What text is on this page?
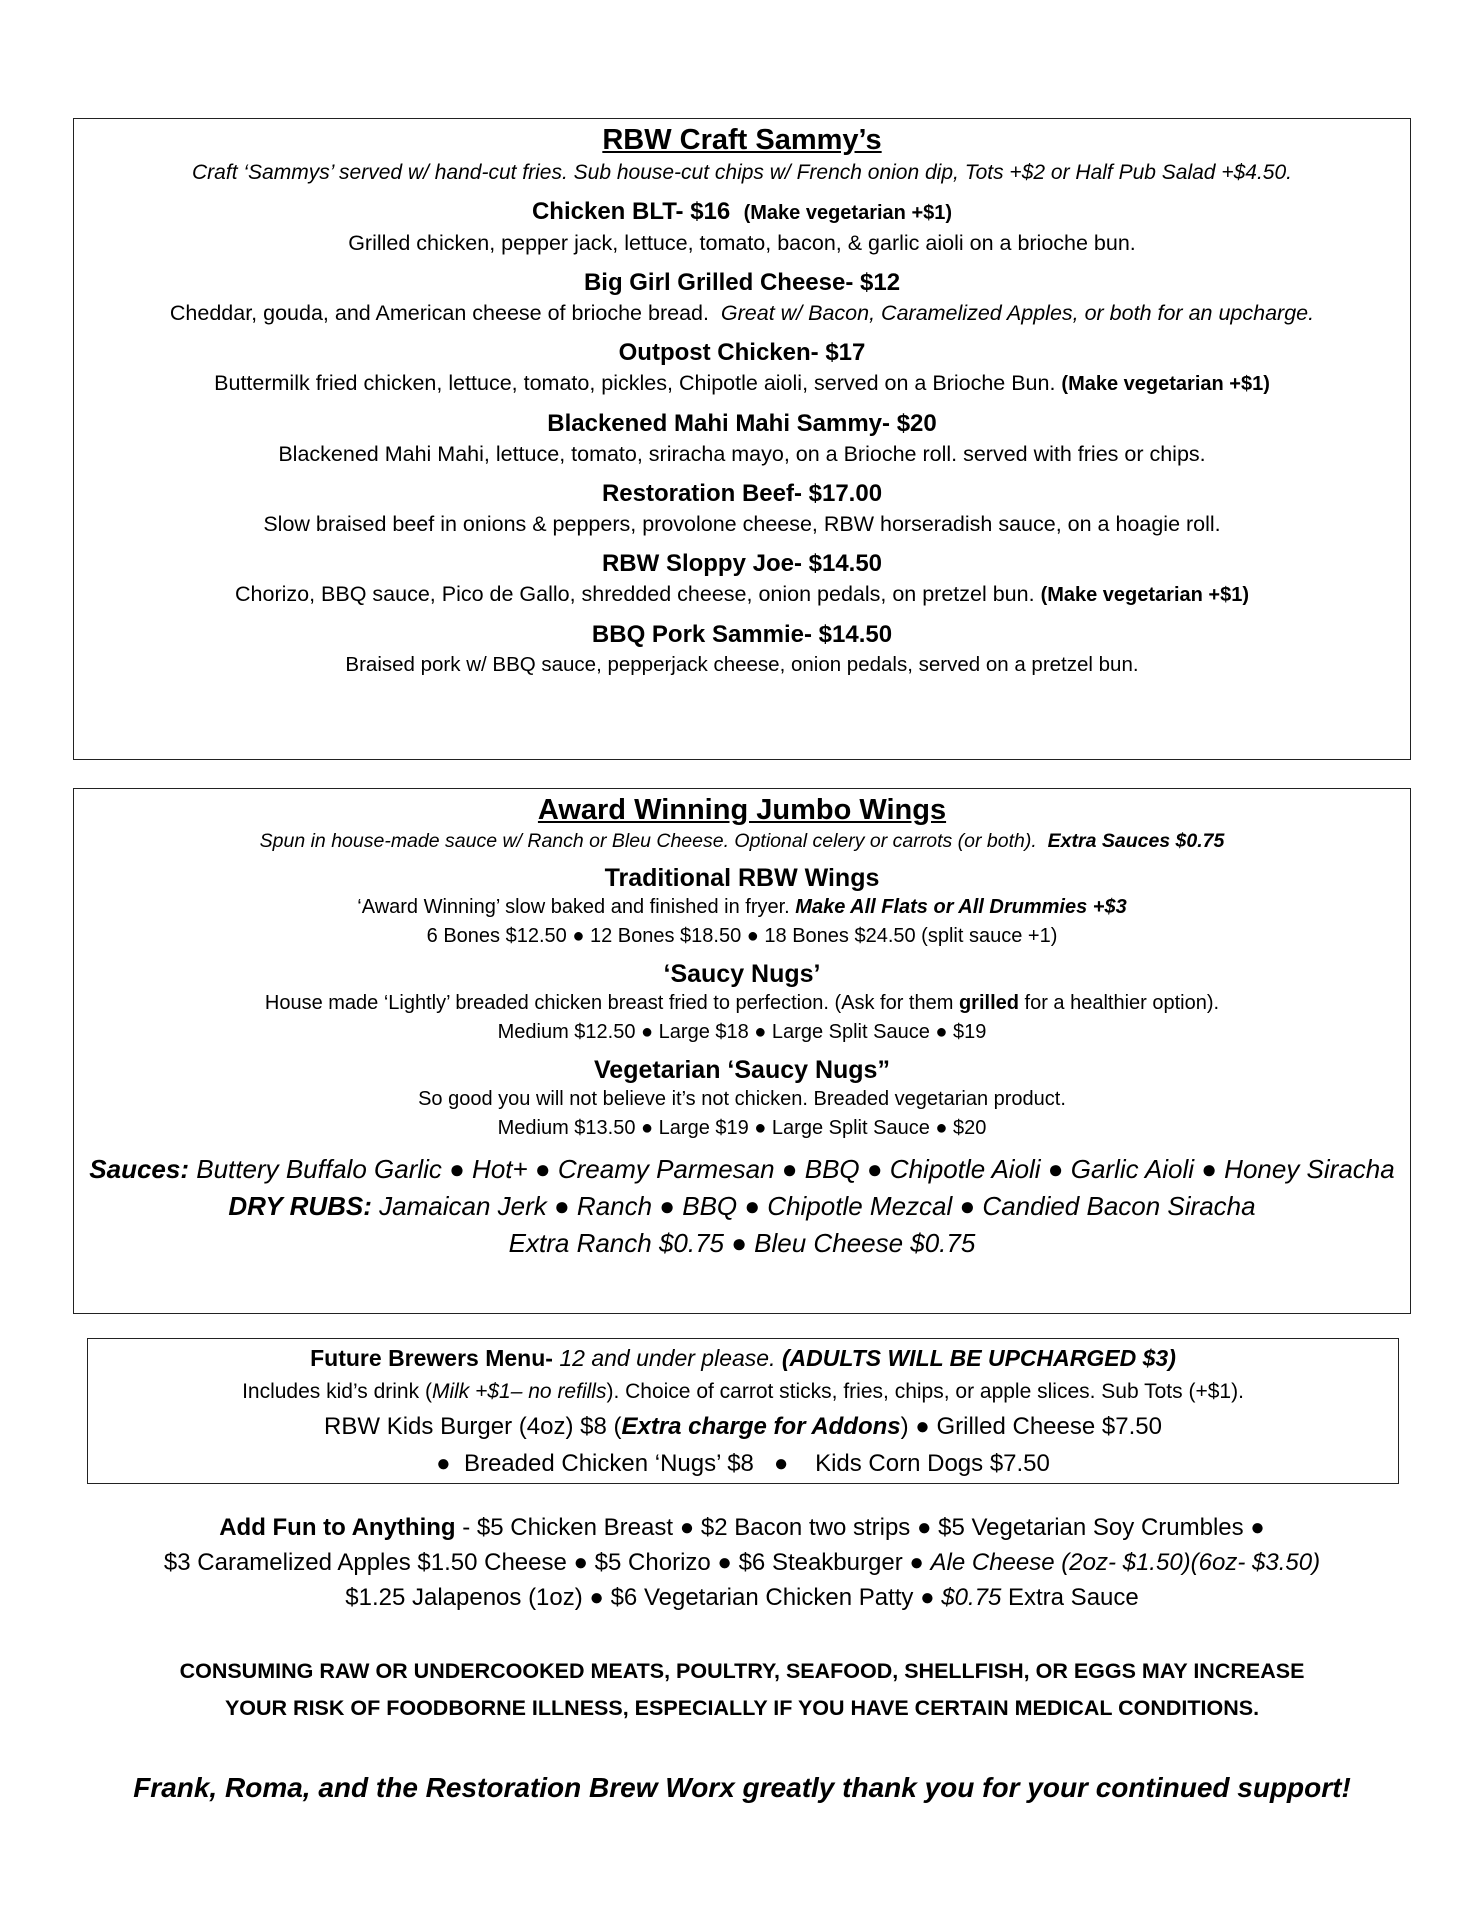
RBW Craft Sammy’s
Craft ‘Sammys’ served w/ hand-cut fries. Sub house-cut chips w/ French onion dip, Tots +$2 or Half Pub Salad +$4.50.
Chicken BLT- $16 (Make vegetarian +$1)
Grilled chicken, pepper jack, lettuce, tomato, bacon, & garlic aioli on a brioche bun.
Big Girl Grilled Cheese- $12
Cheddar, gouda, and American cheese of brioche bread. Great w/ Bacon, Caramelized Apples, or both for an upcharge.
Outpost Chicken- $17
Buttermilk fried chicken, lettuce, tomato, pickles, Chipotle aioli, served on a Brioche Bun. (Make vegetarian +$1)
Blackened Mahi Mahi Sammy- $20
Blackened Mahi Mahi, lettuce, tomato, sriracha mayo, on a Brioche roll. served with fries or chips.
Restoration Beef- $17.00
Slow braised beef in onions & peppers, provolone cheese, RBW horseradish sauce, on a hoagie roll.
RBW Sloppy Joe- $14.50
Chorizo, BBQ sauce, Pico de Gallo, shredded cheese, onion pedals, on pretzel bun. (Make vegetarian +$1)
BBQ Pork Sammie- $14.50
Braised pork w/ BBQ sauce, pepperjack cheese, onion pedals, served on a pretzel bun.
Award Winning Jumbo Wings
Spun in house-made sauce w/ Ranch or Bleu Cheese. Optional celery or carrots (or both). Extra Sauces $0.75
Traditional RBW Wings
‘Award Winning’ slow baked and finished in fryer. Make All Flats or All Drummies +$3
6 Bones $12.50 ● 12 Bones $18.50 ● 18 Bones $24.50 (split sauce +1)
‘Saucy Nugs’
House made ‘Lightly’ breaded chicken breast fried to perfection. (Ask for them grilled for a healthier option).
Medium $12.50 ● Large $18 ● Large Split Sauce ● $19
Vegetarian ‘Saucy Nugs”
So good you will not believe it’s not chicken. Breaded vegetarian product.
Medium $13.50 ● Large $19 ● Large Split Sauce ● $20
Sauces: Buttery Buffalo Garlic ● Hot+ ● Creamy Parmesan ● BBQ ● Chipotle Aioli ● Garlic Aioli ● Honey Siracha
DRY RUBS: Jamaican Jerk ● Ranch ● BBQ ● Chipotle Mezcal ● Candied Bacon Siracha
Extra Ranch $0.75 ● Bleu Cheese $0.75
Future Brewers Menu- 12 and under please. (ADULTS WILL BE UPCHARGED $3)
Includes kid’s drink (Milk +$1– no refills). Choice of carrot sticks, fries, chips, or apple slices. Sub Tots (+$1).
RBW Kids Burger (4oz) $8 (Extra charge for Addons) ● Grilled Cheese $7.50
●  Breaded Chicken ‘Nugs’ $8   ●    Kids Corn Dogs $7.50
Add Fun to Anything - $5 Chicken Breast ● $2 Bacon two strips ● $5 Vegetarian Soy Crumbles ●
$3 Caramelized Apples $1.50 Cheese ● $5 Chorizo ● $6 Steakburger ● Ale Cheese (2oz- $1.50)(6oz- $3.50)
$1.25 Jalapenos (1oz) ● $6 Vegetarian Chicken Patty ● $0.75 Extra Sauce
CONSUMING RAW OR UNDERCOOKED MEATS, POULTRY, SEAFOOD, SHELLFISH, OR EGGS MAY INCREASE
YOUR RISK OF FOODBORNE ILLNESS, ESPECIALLY IF YOU HAVE CERTAIN MEDICAL CONDITIONS.
Frank, Roma, and the Restoration Brew Worx greatly thank you for your continued support!
